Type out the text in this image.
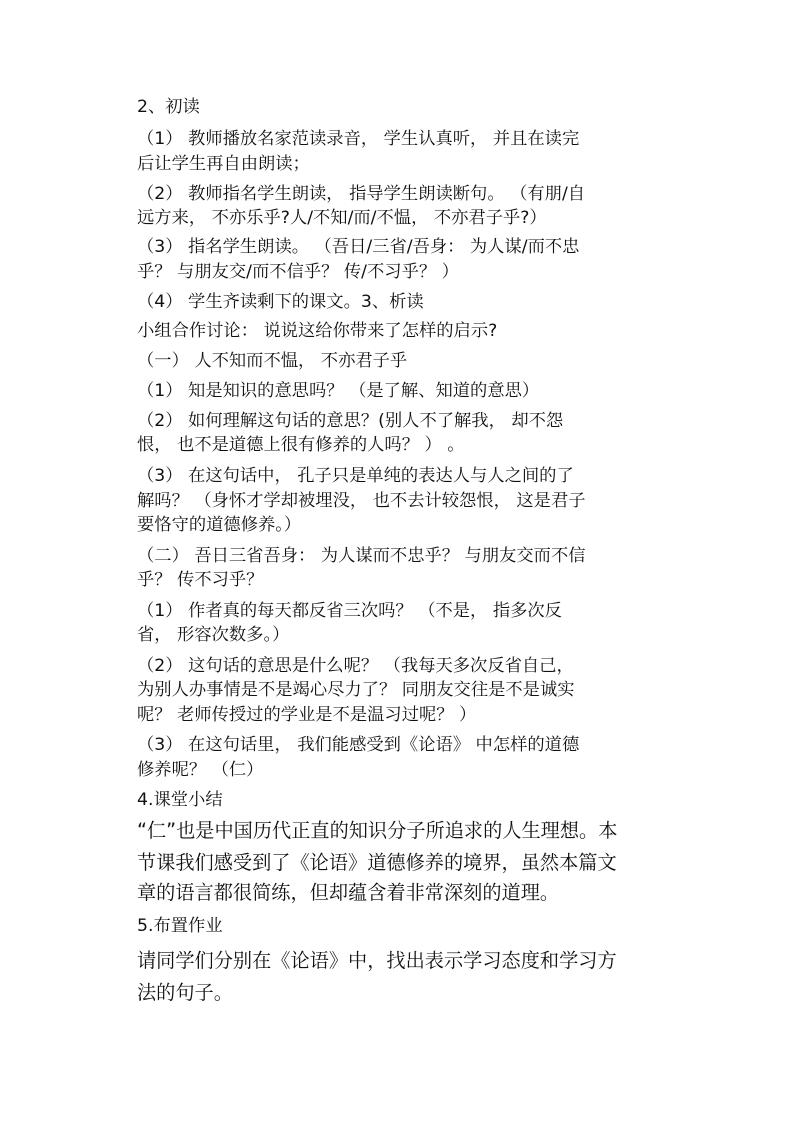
2、初读
（1） 教师播放名家范读录音， 学生认真听， 并且在读完
后让学生再自由朗读；
（2） 教师指名学生朗读， 指导学生朗读断句。 （有朋/自
远方来， 不亦乐乎?人/不知/而/不愠， 不亦君子乎?）
（3） 指名学生朗读。 （吾日/三省/吾身： 为人谋/而不忠
乎？ 与朋友交/而不信乎？ 传/不习乎？ ）
（4） 学生齐读剩下的课文。3、析读
小组合作讨论： 说说这给你带来了怎样的启示?
（一） 人不知而不愠， 不亦君子乎
（1） 知是知识的意思吗？ （是了解、知道的意思）
（2） 如何理解这句话的意思？(别人不了解我， 却不怨
恨， 也不是道德上很有修养的人吗？ ） 。
（3） 在这句话中， 孔子只是单纯的表达人与人之间的了
解吗？ （身怀才学却被埋没， 也不去计较怨恨， 这是君子
要恪守的道德修养。）
（二） 吾日三省吾身： 为人谋而不忠乎？ 与朋友交而不信
乎？ 传不习乎？
（1） 作者真的每天都反省三次吗？ （不是， 指多次反
省， 形容次数多。）
（2） 这句话的意思是什么呢？ （我每天多次反省自己，
为别人办事情是不是竭心尽力了？ 同朋友交往是不是诚实
呢？ 老师传授过的学业是不是温习过呢？ ）
（3） 在这句话里， 我们能感受到《论语》 中怎样的道德
修养呢？ （仁）
4.课堂小结
“仁”也是中国历代正直的知识分子所追求的人生理想。本
节课我们感受到了《论语》道德修养的境界，虽然本篇文
章的语言都很简练，但却蕴含着非常深刻的道理。
5.布置作业
请同学们分别在《论语》中，找出表示学习态度和学习方
法的句子。
